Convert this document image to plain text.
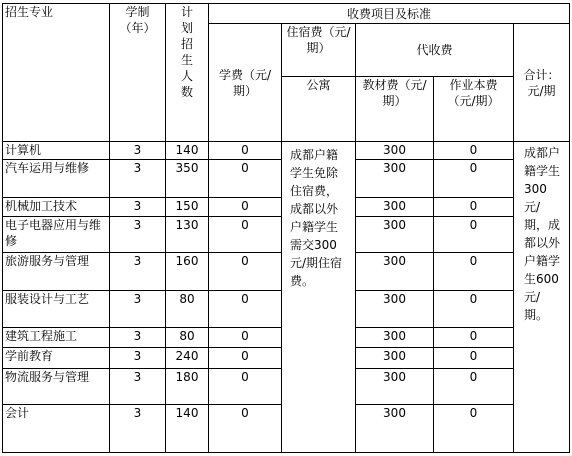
招生专业	学制（年）	计划招生人数	收费项目及标准				
			学费（元/期）	住宿费（元/期）	代收费		合计：元/期
				公寓	教材费（元/期）	作业本费（元/期）	
计算机	3	140	0	成都户籍学生免除住宿费，成都以外户籍学生需交300元/期住宿费。	300	0	成都户籍学生300元/期，成都以外户籍学生600元/期。

汽车运用与维修	3	350	0		300	0	
机械加工技术	3	150	0		300	0	
电子电器应用与维修	3	130	0		300	0	
旅游服务与管理	3	160	0		300	0	
服装设计与工艺	3	80	0		300	0	
建筑工程施工	3	80	0		300	0	
学前教育	3	240	0		300	0	
物流服务与管理	3	180	0		300	0	
会计	3	140	0		300	0	
